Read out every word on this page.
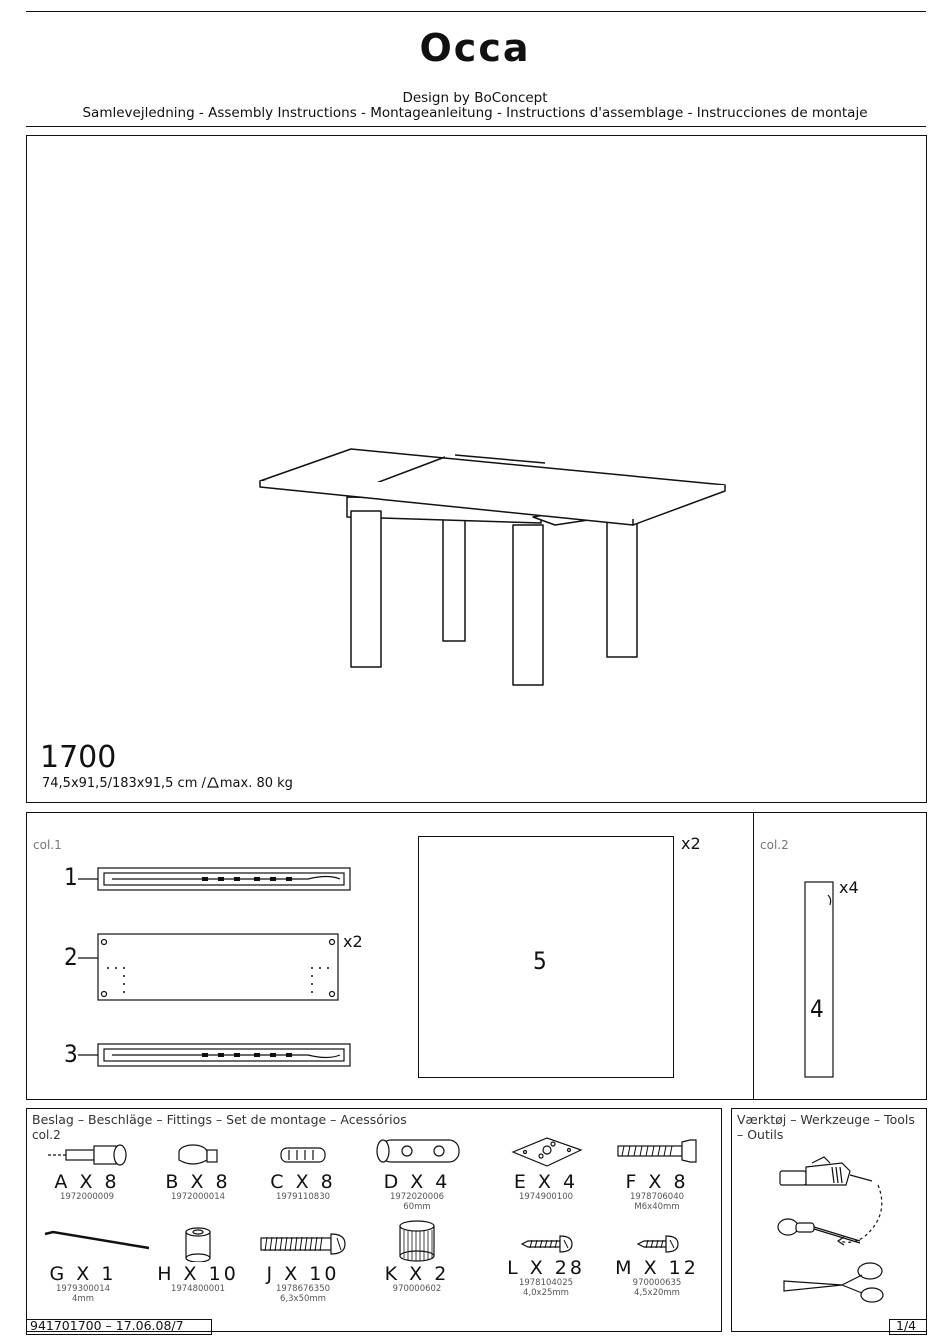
Occa
Design by BoConcept
Samlevejledning - Assembly Instructions - Montageanleitung - Instructions d'assemblage - Instrucciones de montaje
1700
74,5x91,5/183x91,5 cm / max. 80 kg
col.1	col.2
1
2
x2
3
5
x2
4
x4
Beslag – Beschläge – Fittings – Set de montage – Acessórios
col.2
A X 8
1972000009
B X 8
1972000014
C X 8
1979110830
D X 4
1972020006
60mm
E X 4
1974900100
F X 8
1978706040
M6x40mm
G X 1
1979300014
4mm
H X 10
1974800001
J X 10
1978676350
6,3x50mm
K X 2
970000602
L X 28
1978104025
4,0x25mm
M X 12
970000635
4,5x20mm
Værktøj – Werkzeuge – Tools – Outils
941701700 – 17.06.08/7	1/4
